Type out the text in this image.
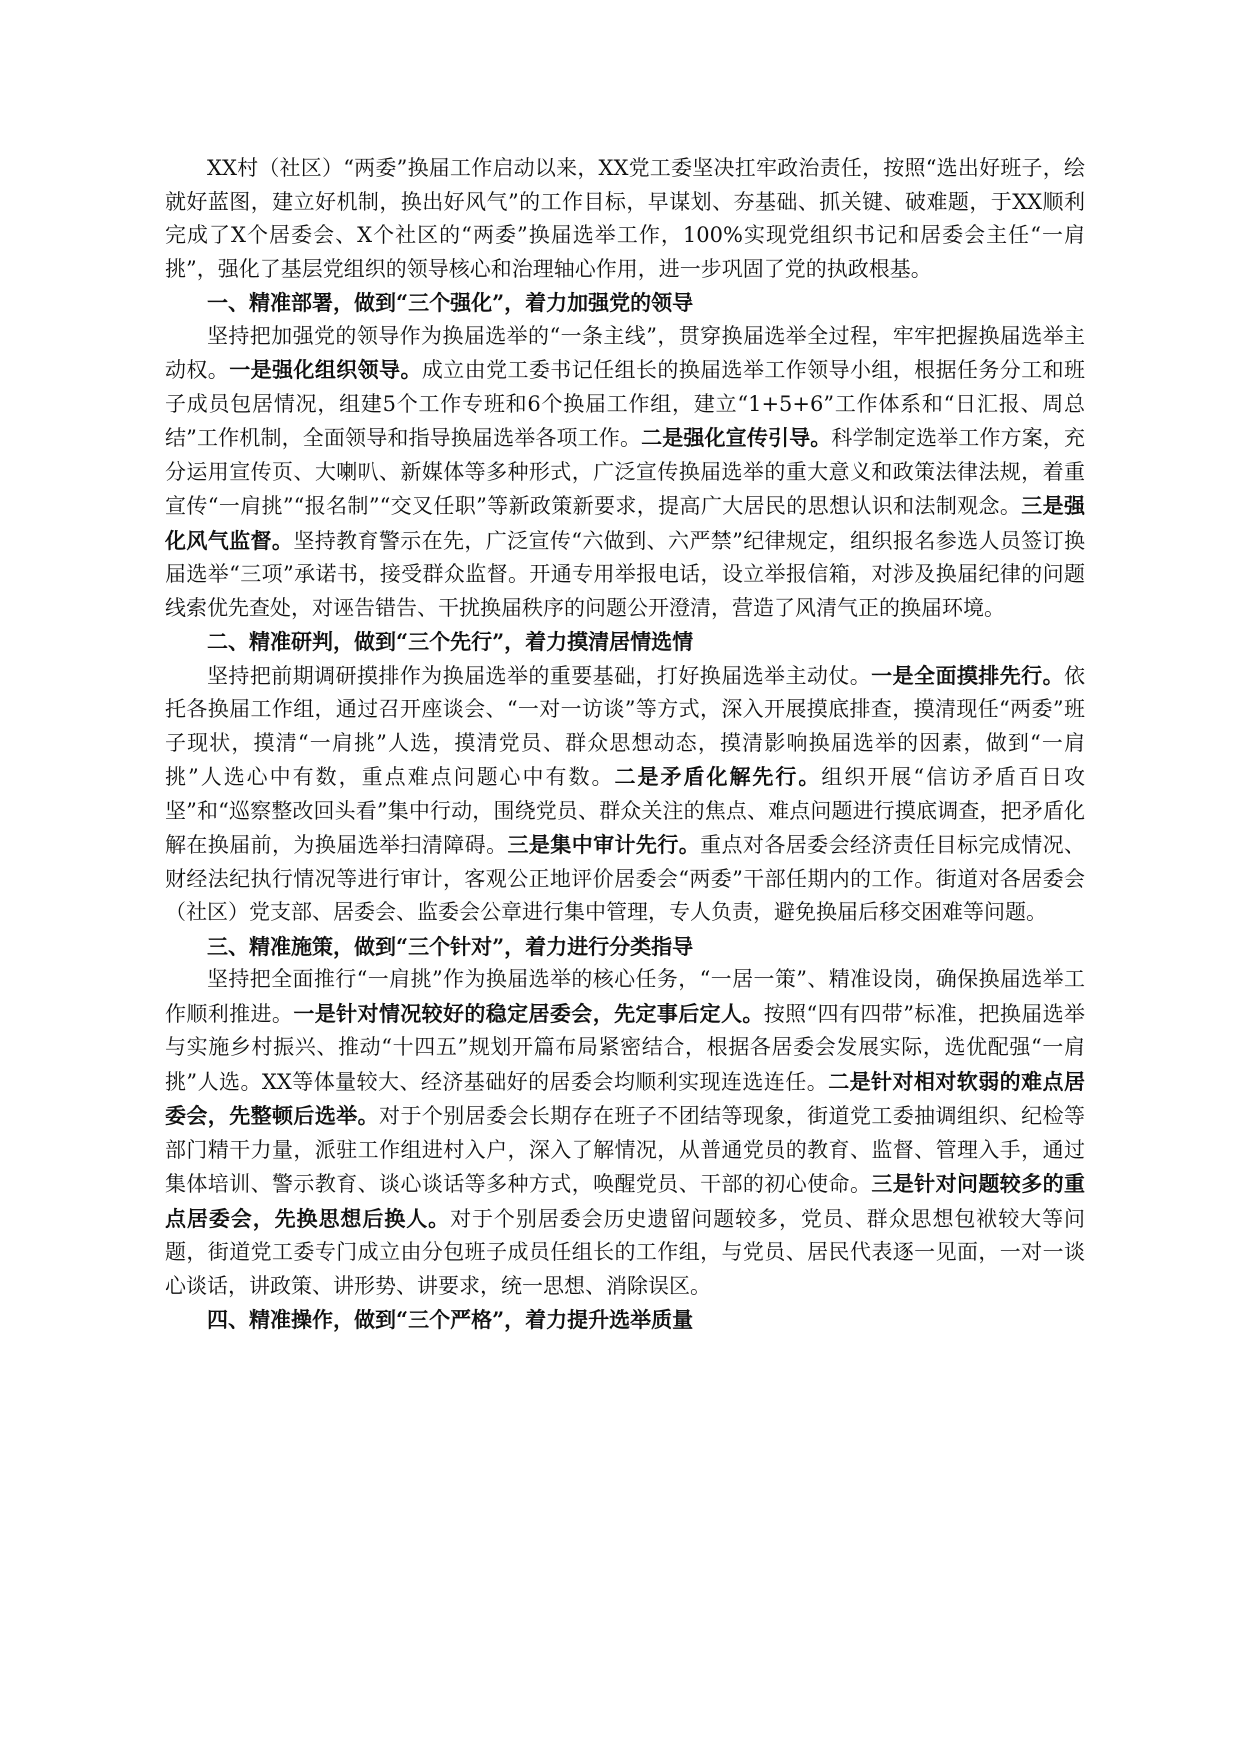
XX村（社区）“两委”换届工作启动以来，XX党工委坚决扛牢政治责任，按照“选出好班子，绘就好蓝图，建立好机制，换出好风气”的工作目标，早谋划、夯基础、抓关键、破难题，于XX顺利完成了X个居委会、X个社区的“两委”换届选举工作，100%实现党组织书记和居委会主任“一肩挑”，强化了基层党组织的领导核心和治理轴心作用，进一步巩固了党的执政根基。

一、精准部署，做到“三个强化”，着力加强党的领导

坚持把加强党的领导作为换届选举的“一条主线”，贯穿换届选举全过程，牢牢把握换届选举主动权。一是强化组织领导。成立由党工委书记任组长的换届选举工作领导小组，根据任务分工和班子成员包居情况，组建5个工作专班和6个换届工作组，建立“1+5+6”工作体系和“日汇报、周总结”工作机制，全面领导和指导换届选举各项工作。二是强化宣传引导。科学制定选举工作方案，充分运用宣传页、大喇叭、新媒体等多种形式，广泛宣传换届选举的重大意义和政策法律法规，着重宣传“一肩挑”“报名制”“交叉任职”等新政策新要求，提高广大居民的思想认识和法制观念。三是强化风气监督。坚持教育警示在先，广泛宣传“六做到、六严禁”纪律规定，组织报名参选人员签订换届选举“三项”承诺书，接受群众监督。开通专用举报电话，设立举报信箱，对涉及换届纪律的问题线索优先查处，对诬告错告、干扰换届秩序的问题公开澄清，营造了风清气正的换届环境。

二、精准研判，做到“三个先行”，着力摸清居情选情

坚持把前期调研摸排作为换届选举的重要基础，打好换届选举主动仗。一是全面摸排先行。依托各换届工作组，通过召开座谈会、“一对一访谈”等方式，深入开展摸底排查，摸清现任“两委”班子现状，摸清“一肩挑”人选，摸清党员、群众思想动态，摸清影响换届选举的因素，做到“一肩挑”人选心中有数，重点难点问题心中有数。二是矛盾化解先行。组织开展“信访矛盾百日攻坚”和“巡察整改回头看”集中行动，围绕党员、群众关注的焦点、难点问题进行摸底调查，把矛盾化解在换届前，为换届选举扫清障碍。三是集中审计先行。重点对各居委会经济责任目标完成情况、财经法纪执行情况等进行审计，客观公正地评价居委会“两委”干部任期内的工作。街道对各居委会（社区）党支部、居委会、监委会公章进行集中管理，专人负责，避免换届后移交困难等问题。

三、精准施策，做到“三个针对”，着力进行分类指导

坚持把全面推行“一肩挑”作为换届选举的核心任务，“一居一策”、精准设岗，确保换届选举工作顺利推进。一是针对情况较好的稳定居委会，先定事后定人。按照“四有四带”标准，把换届选举与实施乡村振兴、推动“十四五”规划开篇布局紧密结合，根据各居委会发展实际，选优配强“一肩挑”人选。XX等体量较大、经济基础好的居委会均顺利实现连选连任。二是针对相对软弱的难点居委会，先整顿后选举。对于个别居委会长期存在班子不团结等现象，街道党工委抽调组织、纪检等部门精干力量，派驻工作组进村入户，深入了解情况，从普通党员的教育、监督、管理入手，通过集体培训、警示教育、谈心谈话等多种方式，唤醒党员、干部的初心使命。三是针对问题较多的重点居委会，先换思想后换人。对于个别居委会历史遗留问题较多，党员、群众思想包袱较大等问题，街道党工委专门成立由分包班子成员任组长的工作组，与党员、居民代表逐一见面，一对一谈心谈话，讲政策、讲形势、讲要求，统一思想、消除误区。

四、精准操作，做到“三个严格”，着力提升选举质量
